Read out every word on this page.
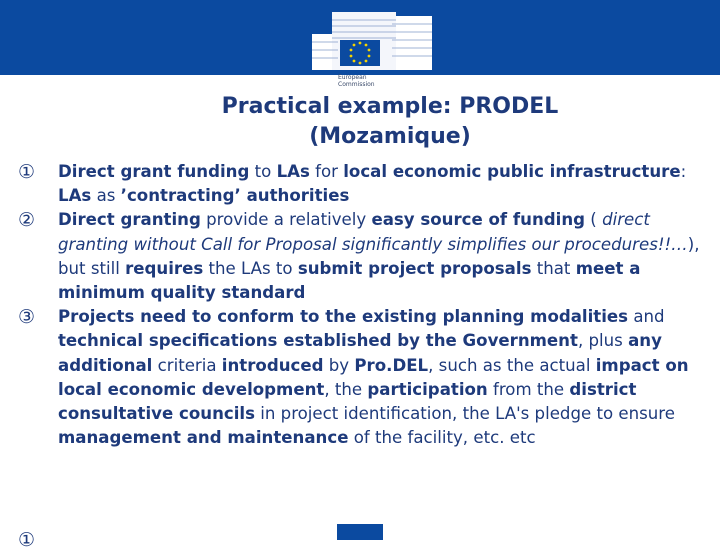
European
Commission
Practical example: PRODEL
(Mozamique)
① Direct grant funding to LAs for local economic public infrastructure: LAs as ’contracting’ authorities
② Direct granting provide a relatively easy source of funding ( direct granting without Call for Proposal significantly simplifies our procedures!!…), but still requires the LAs to submit project proposals that meet a minimum quality standard
③ Projects need to conform to the existing planning modalities and technical specifications established by the Government, plus any additional criteria introduced by Pro.DEL, such as the actual impact on local economic development, the participation from the district consultative councils in project identification, the LA's pledge to ensure management and maintenance of the facility, etc. etc
①
